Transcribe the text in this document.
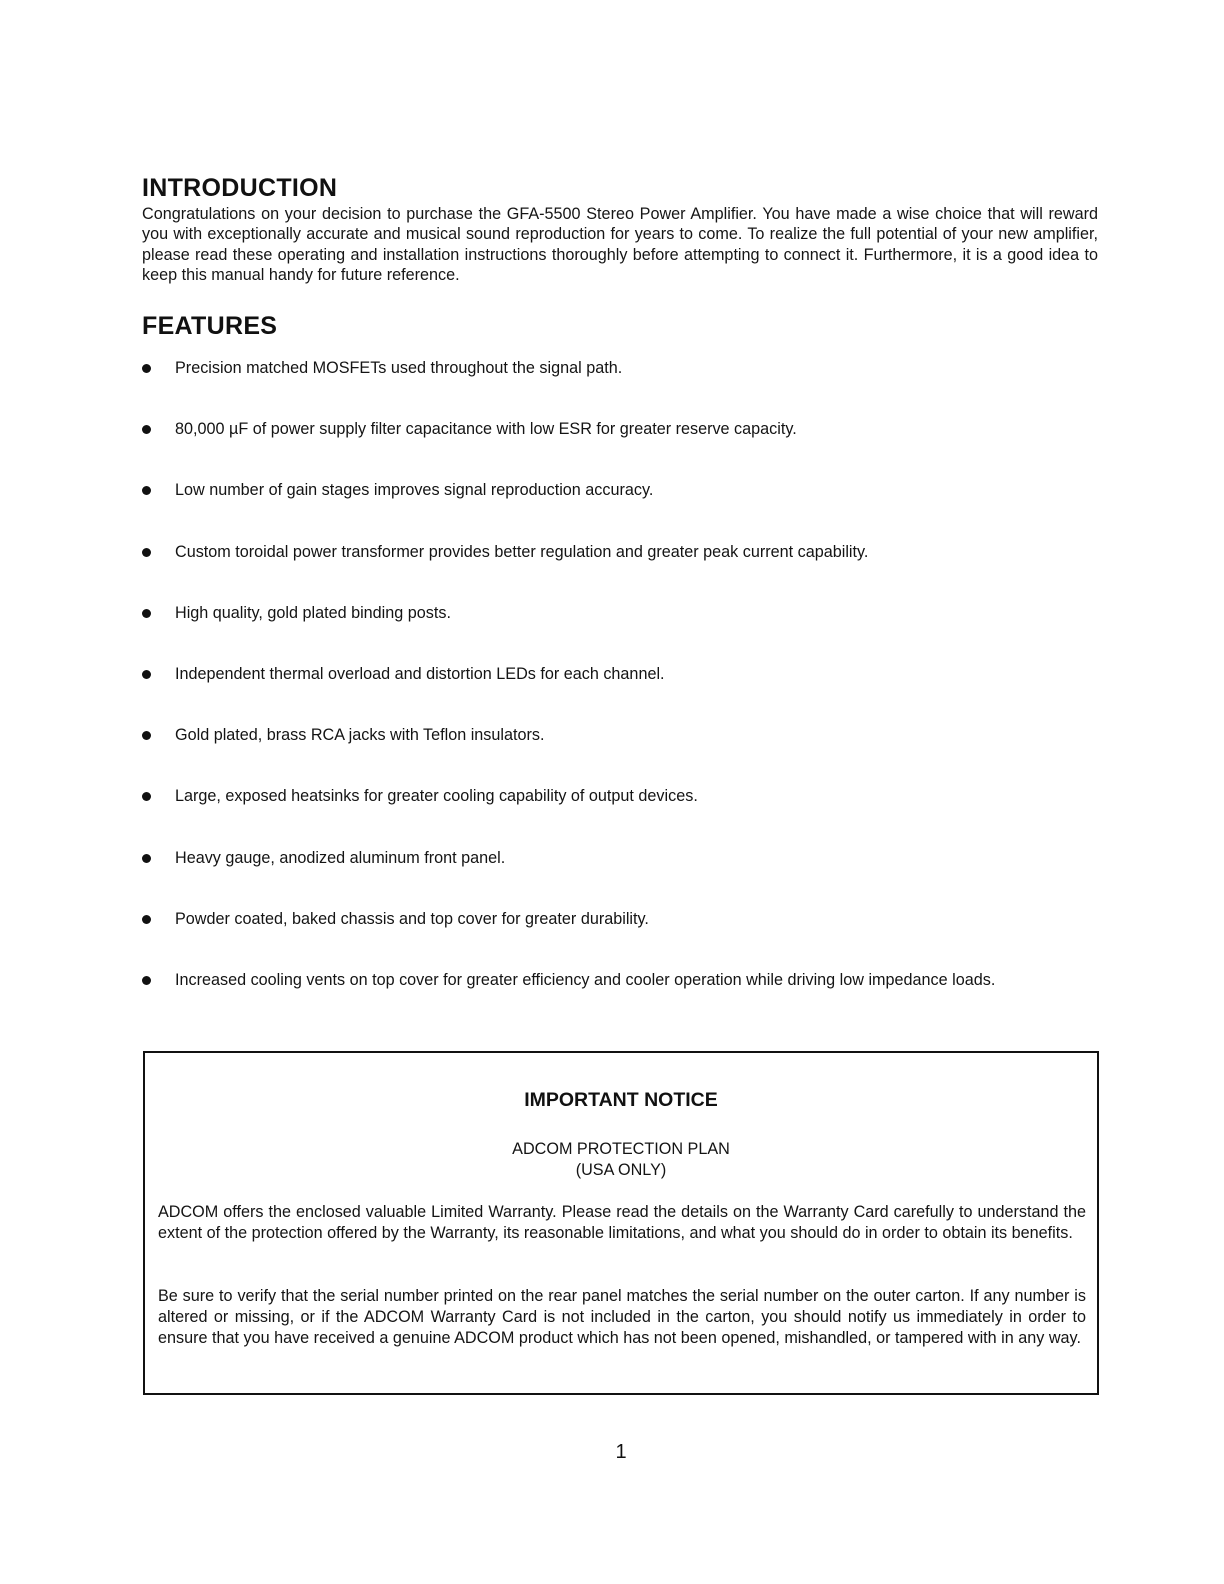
INTRODUCTION

Congratulations on your decision to purchase the GFA-5500 Stereo Power Amplifier. You have made a wise choice that will reward you with exceptionally accurate and musical sound reproduction for years to come. To realize the full potential of your new amplifier, please read these operating and installation instructions thoroughly before attempting to connect it. Furthermore, it is a good idea to keep this manual handy for future reference.

FEATURES
Precision matched MOSFETs used throughout the signal path.
80,000 µF of power supply filter capacitance with low ESR for greater reserve capacity.
Low number of gain stages improves signal reproduction accuracy.
Custom toroidal power transformer provides better regulation and greater peak current capability.
High quality, gold plated binding posts.
Independent thermal overload and distortion LEDs for each channel.
Gold plated, brass RCA jacks with Teflon insulators.
Large, exposed heatsinks for greater cooling capability of output devices.
Heavy gauge, anodized aluminum front panel.
Powder coated, baked chassis and top cover for greater durability.
Increased cooling vents on top cover for greater efficiency and cooler operation while driving low impedance loads.
IMPORTANT NOTICE
ADCOM PROTECTION PLAN
(USA ONLY)

ADCOM offers the enclosed valuable Limited Warranty. Please read the details on the Warranty Card carefully to understand the extent of the protection offered by the Warranty, its reasonable limitations, and what you should do in order to obtain its benefits.

Be sure to verify that the serial number printed on the rear panel matches the serial number on the outer carton. If any number is altered or missing, or if the ADCOM Warranty Card is not included in the carton, you should notify us immediately in order to ensure that you have received a genuine ADCOM product which has not been opened, mishandled, or tampered with in any way.

1
